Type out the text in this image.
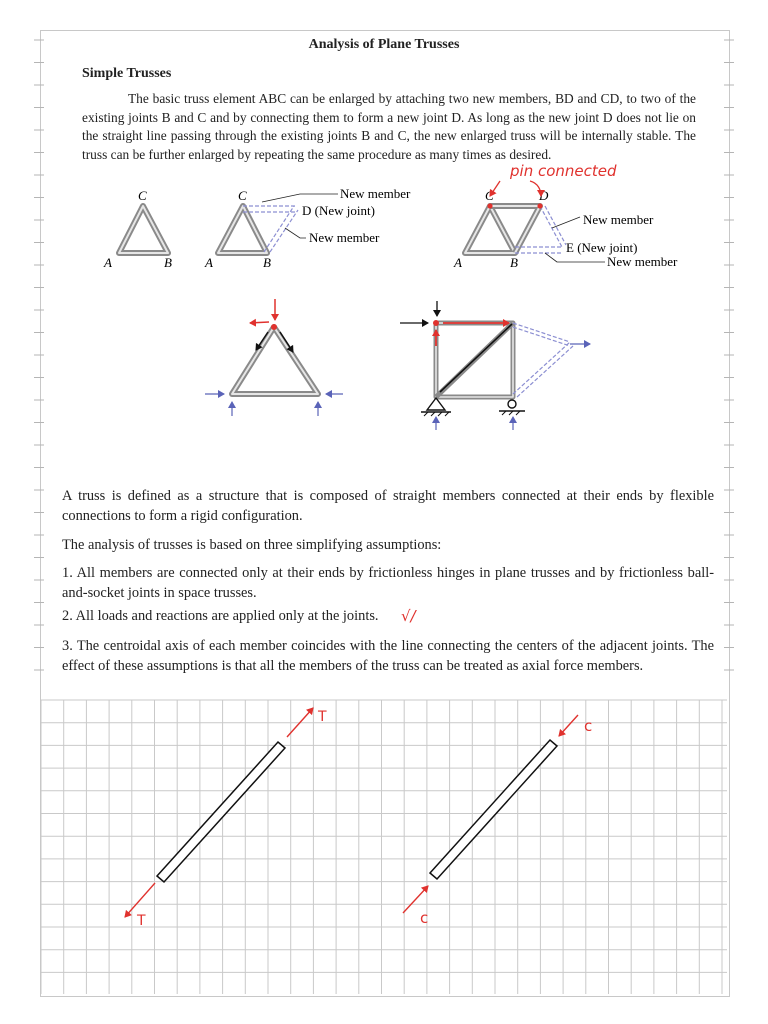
C
A	B
C
A	B
D (New joint)
New member
New member
C	D
A	B
New member
E (New joint)
New member
pin connected
T
T
c
c
√/
Analysis of Plane Trusses
Simple Trusses

The basic truss element ABC can be enlarged by attaching two new members, BD and CD, to two of the existing joints B and C and by connecting them to form a new joint D. As long as the new joint D does not lie on the straight line passing through the existing joints B and C, the new enlarged truss will be internally stable. The truss can be further enlarged by repeating the same procedure as many times as desired.

A truss is defined as a structure that is composed of straight members connected at their ends by flexible connections to form a rigid configuration.

The analysis of trusses is based on three simplifying assumptions:

1. All members are connected only at their ends by frictionless hinges in plane trusses and by frictionless ball-and-socket joints in space trusses.

2. All loads and reactions are applied only at the joints.

3. The centroidal axis of each member coincides with the line connecting the centers of the adjacent joints. The effect of these assumptions is that all the members of the truss can be treated as axial force members.
